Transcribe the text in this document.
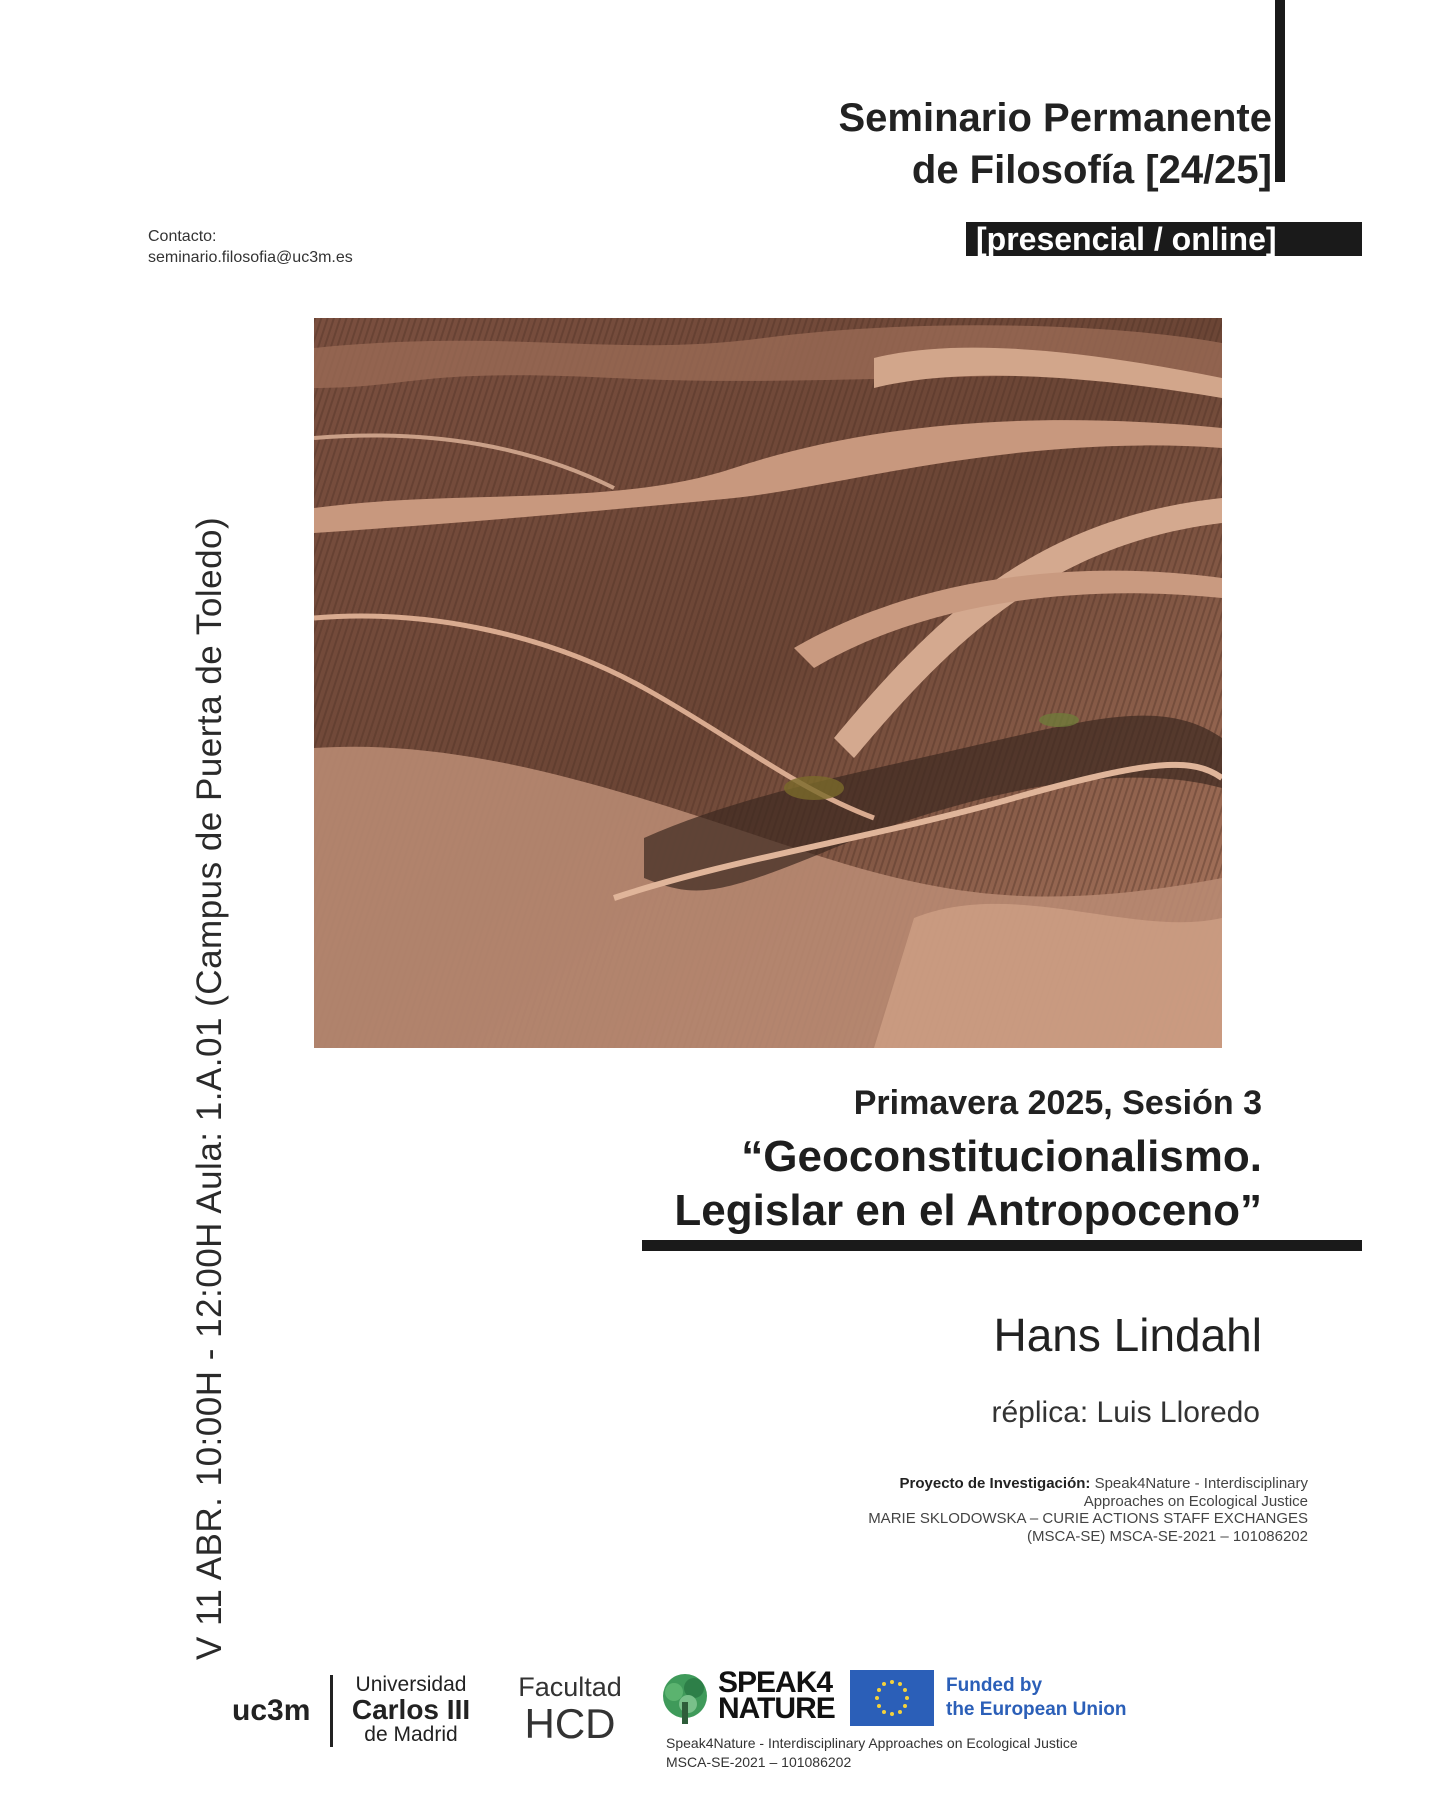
Seminario Permanente
de Filosofía [24/25]
Contacto:
seminario.filosofia@uc3m.es
[presencial / online]
V 11 ABR. 10:00H - 12:00H Aula: 1.A.01 (Campus de Puerta de Toledo)	Primavera 2025, Sesión 3
“Geoconstitucionalismo.
Legislar en el Antropoceno”
Hans Lindahl
réplica: Luis Lloredo
Proyecto de Investigación: Speak4Nature - Interdisciplinary
Approaches on Ecological Justice
MARIE SKLODOWSKA – CURIE ACTIONS STAFF EXCHANGES
(MSCA-SE) MSCA-SE-2021 – 101086202
uc3m
Universidad
Carlos III
de Madrid
Facultad
HCD
SPEAK4
NATURE
Funded by
the European Union
Speak4Nature - Interdisciplinary Approaches on Ecological Justice
MSCA-SE-2021 – 101086202
